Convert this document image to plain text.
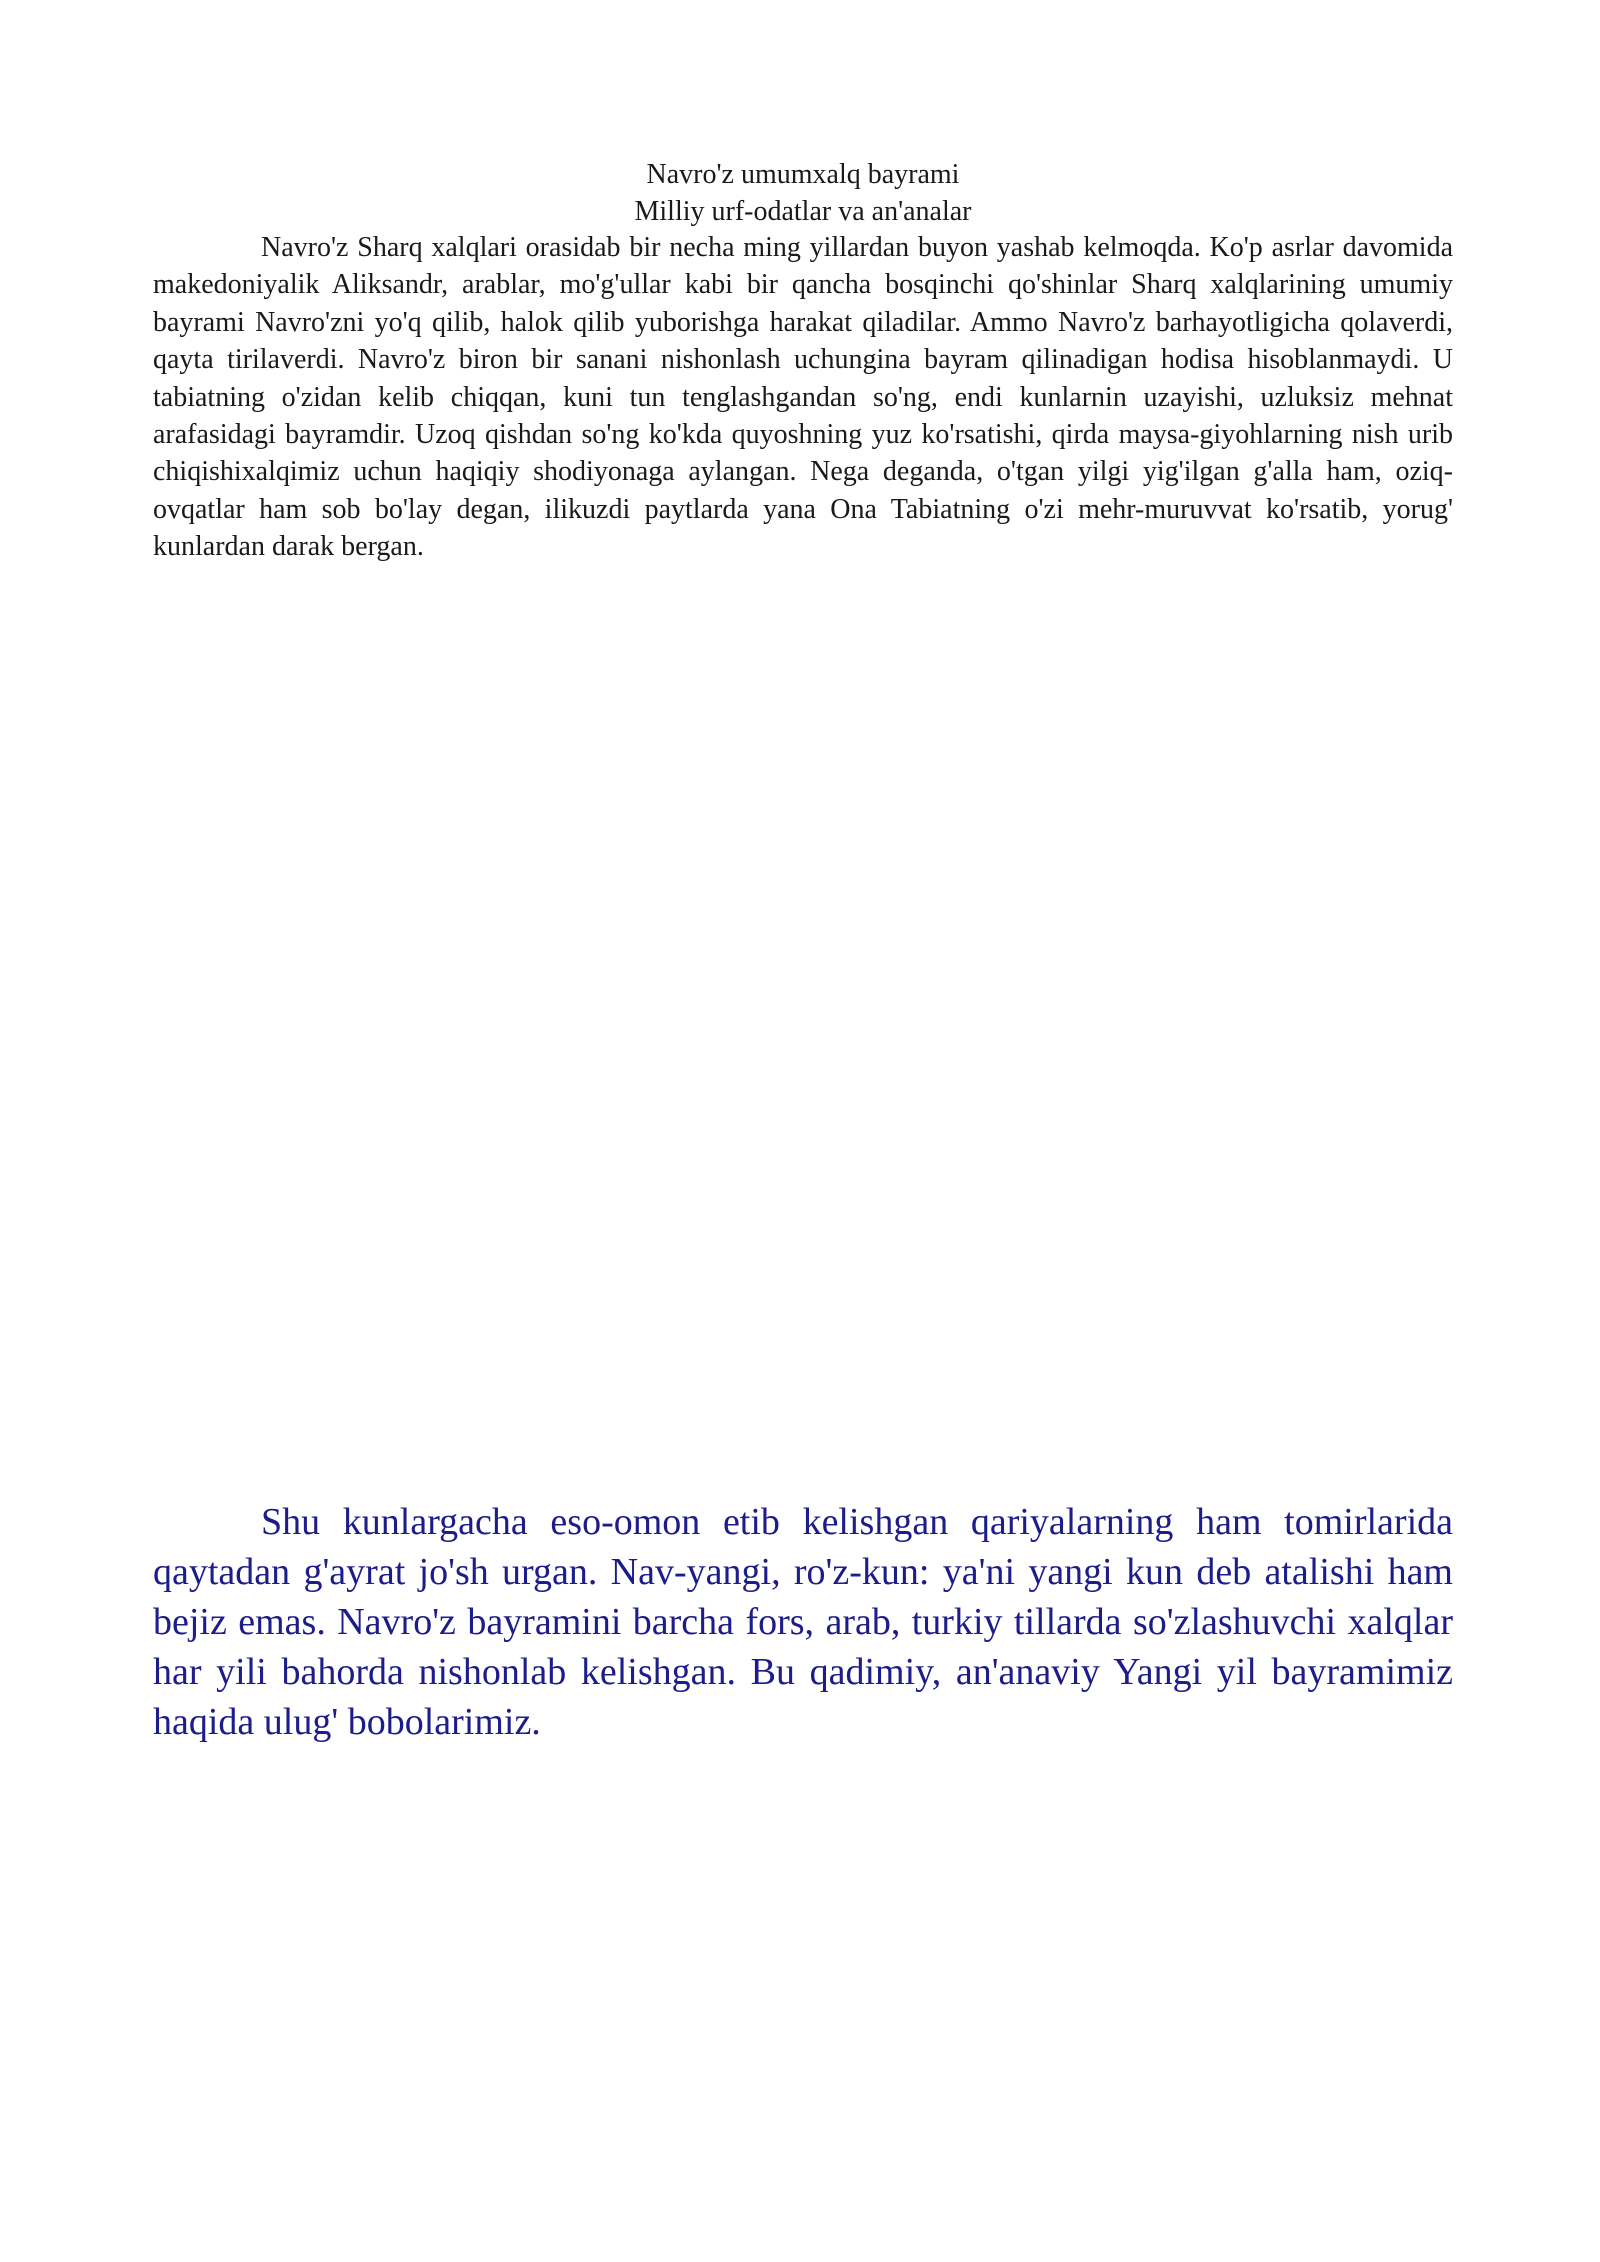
Navro'z umumxalq bayrami
Milliy urf-odatlar va an'analar

Navro'z Sharq xalqlari orasidab bir necha ming yillardan buyon yashab kelmoqda. Ko'p asrlar davomida makedoniyalik Aliksandr, arablar, mo'g'ullar kabi bir qancha bosqinchi qo'shinlar Sharq xalqlarining umumiy bayrami Navro'zni yo'q qilib, halok qilib yuborishga harakat qiladilar. Ammo Navro'z barhayotligicha qolaverdi, qayta tirilaverdi. Navro'z biron bir sanani nishonlash uchungina bayram qilinadigan hodisa hisoblanmaydi. U tabiatning o'zidan kelib chiqqan, kuni tun tenglashgandan so'ng, endi kunlarnin uzayishi, uzluksiz mehnat arafasidagi bayramdir. Uzoq qishdan so'ng ko'kda quyoshning yuz ko'rsatishi, qirda maysa-giyohlarning nish urib chiqishixalqimiz uchun haqiqiy shodiyonaga aylangan. Nega deganda, o'tgan yilgi yig'ilgan g'alla ham, oziq-ovqatlar ham sob bo'lay degan, ilikuzdi paytlarda yana Ona Tabiatning o'zi mehr-muruvvat ko'rsatib, yorug' kunlardan darak bergan.

Shu kunlargacha eso-omon etib kelishgan qariyalarning ham tomirlarida qaytadan g'ayrat jo'sh urgan. Nav-yangi, ro'z-kun: ya'ni yangi kun deb atalishi ham bejiz emas. Navro'z bayramini barcha fors, arab, turkiy tillarda so'zlashuvchi xalqlar har yili bahorda nishonlab kelishgan. Bu qadimiy, an'anaviy Yangi yil bayramimiz haqida ulug' bobolarimiz.
